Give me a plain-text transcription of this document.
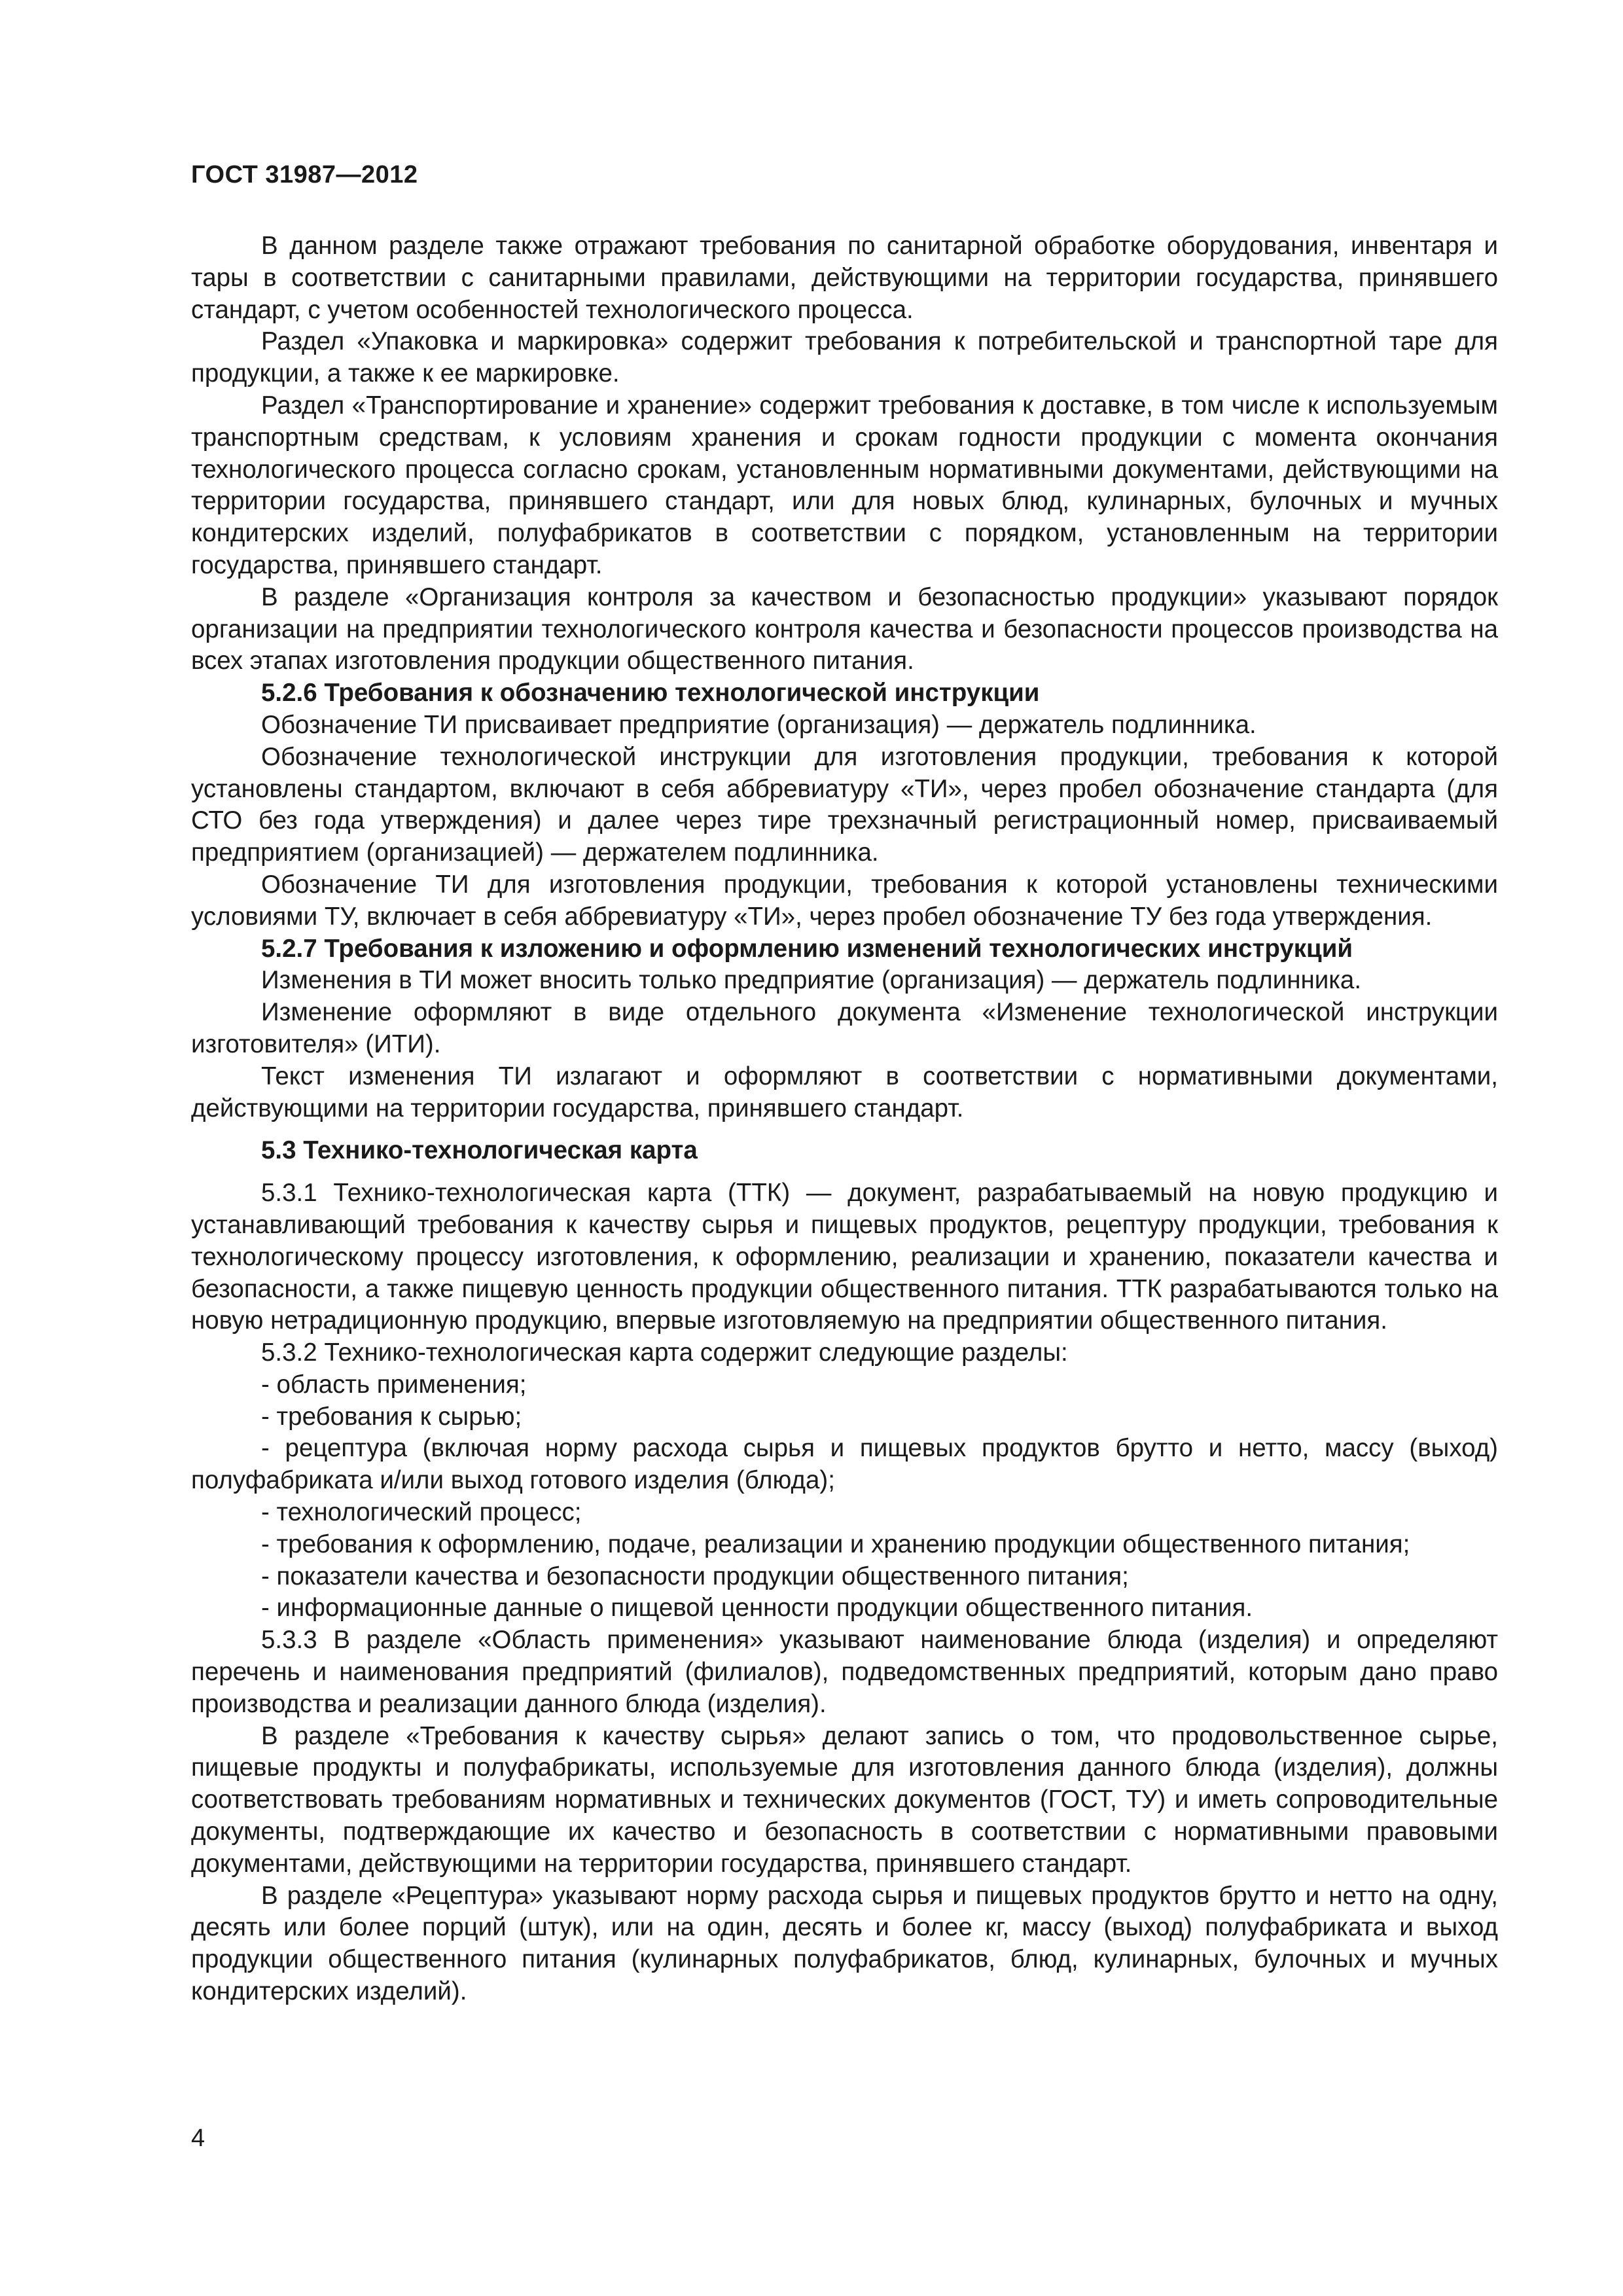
ГОСТ 31987—2012

В данном разделе также отражают требования по санитарной обработке оборудования, инвентаря и тары в соответствии с санитарными правилами, действующими на территории государства, принявшего стандарт, с учетом особенностей технологического процесса.

Раздел «Упаковка и маркировка» содержит требования к потребительской и транспортной таре для продукции, а также к ее маркировке.

Раздел «Транспортирование и хранение» содержит требования к доставке, в том числе к используемым транспортным средствам, к условиям хранения и срокам годности продукции с момента окончания технологического процесса согласно срокам, установленным нормативными документами, действующими на территории государства, принявшего стандарт, или для новых блюд, кулинарных, булочных и мучных кондитерских изделий, полуфабрикатов в соответствии с порядком, установленным на территории государства, принявшего стандарт.

В разделе «Организация контроля за качеством и безопасностью продукции» указывают порядок организации на предприятии технологического контроля качества и безопасности процессов производства на всех этапах изготовления продукции общественного питания.

5.2.6 Требования к обозначению технологической инструкции

Обозначение ТИ присваивает предприятие (организация) — держатель подлинника.

Обозначение технологической инструкции для изготовления продукции, требования к которой установлены стандартом, включают в себя аббревиатуру «ТИ», через пробел обозначение стандарта (для СТО без года утверждения) и далее через тире трехзначный регистрационный номер, присваиваемый предприятием (организацией) — держателем подлинника.

Обозначение ТИ для изготовления продукции, требования к которой установлены техническими условиями ТУ, включает в себя аббревиатуру «ТИ», через пробел обозначение ТУ без года утверждения.

5.2.7 Требования к изложению и оформлению изменений технологических инструкций

Изменения в ТИ может вносить только предприятие (организация) — держатель подлинника.

Изменение оформляют в виде отдельного документа «Изменение технологической инструкции изготовителя» (ИТИ).

Текст изменения ТИ излагают и оформляют в соответствии с нормативными документами, действующими на территории государства, принявшего стандарт.

5.3 Технико-технологическая карта

5.3.1 Технико-технологическая карта (ТТК) — документ, разрабатываемый на новую продукцию и устанавливающий требования к качеству сырья и пищевых продуктов, рецептуру продукции, требования к технологическому процессу изготовления, к оформлению, реализации и хранению, показатели качества и безопасности, а также пищевую ценность продукции общественного питания. ТТК разрабатываются только на новую нетрадиционную продукцию, впервые изготовляемую на предприятии общественного питания.

5.3.2 Технико-технологическая карта содержит следующие разделы:

- область применения;

- требования к сырью;

- рецептура (включая норму расхода сырья и пищевых продуктов брутто и нетто, массу (выход) полуфабриката и/или выход готового изделия (блюда);

- технологический процесс;

- требования к оформлению, подаче, реализации и хранению продукции общественного питания;

- показатели качества и безопасности продукции общественного питания;

- информационные данные о пищевой ценности продукции общественного питания.

5.3.3 В разделе «Область применения» указывают наименование блюда (изделия) и определяют перечень и наименования предприятий (филиалов), подведомственных предприятий, которым дано право производства и реализации данного блюда (изделия).

В разделе «Требования к качеству сырья» делают запись о том, что продовольственное сырье, пищевые продукты и полуфабрикаты, используемые для изготовления данного блюда (изделия), должны соответствовать требованиям нормативных и технических документов (ГОСТ, ТУ) и иметь сопроводительные документы, подтверждающие их качество и безопасность в соответствии с нормативными правовыми документами, действующими на территории государства, принявшего стандарт.

В разделе «Рецептура» указывают норму расхода сырья и пищевых продуктов брутто и нетто на одну, десять или более порций (штук), или на один, десять и более кг, массу (выход) полуфабриката и выход продукции общественного питания (кулинарных полуфабрикатов, блюд, кулинарных, булочных и мучных кондитерских изделий).

4
